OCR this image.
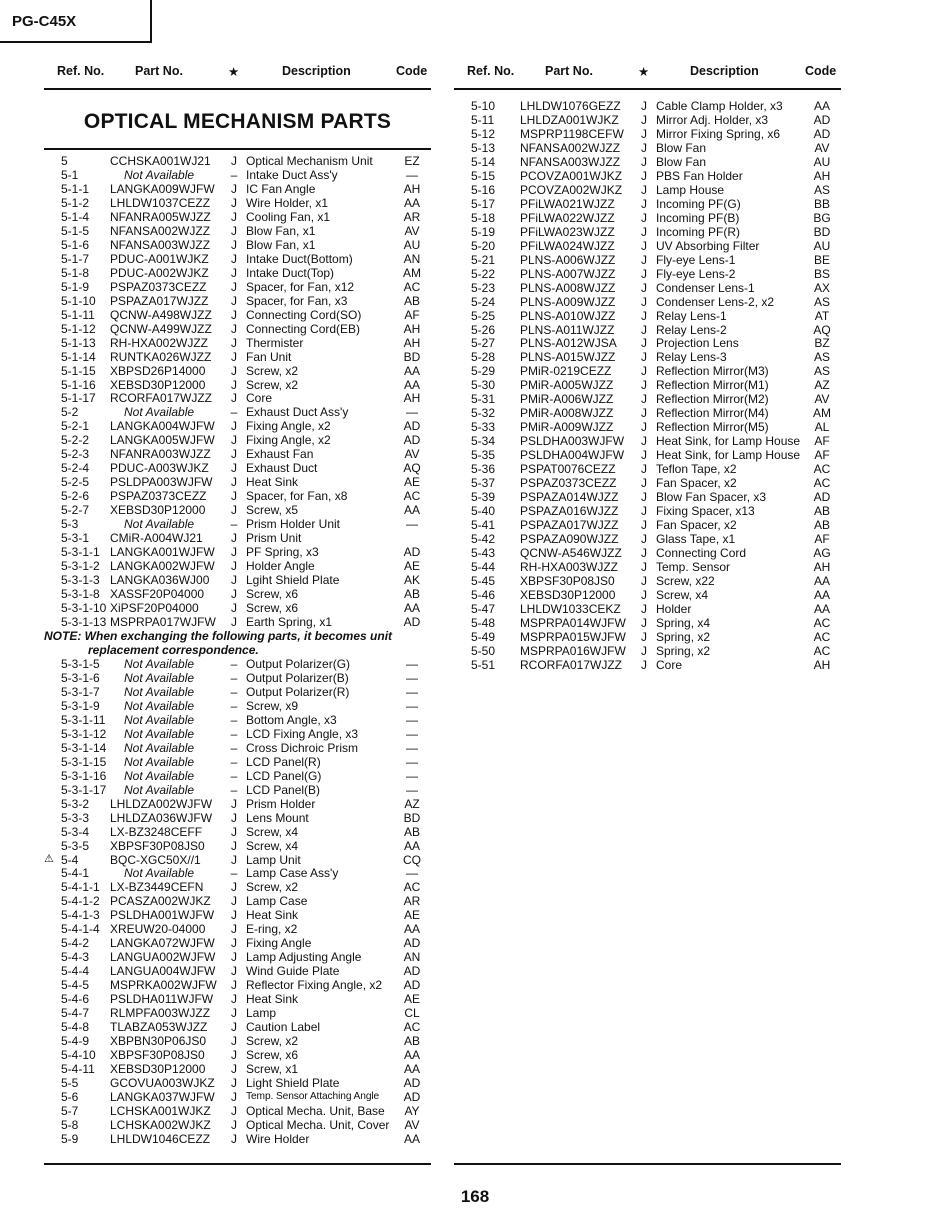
PG-C45X
Ref. No. Part No.	★	Description	Code	Ref. No. Part No.	★	Description	Code
OPTICAL MECHANISM PARTS
5	CCHSKA001WJ21 J Optical Mechanism Unit	EZ
5-1	Not Available	– Intake Duct Ass'y	—
5-1-1 LANGKA009WJFW J IC Fan Angle	AH
5-1-2 LHLDW1037CEZZ J Wire Holder, x1	AA
5-1-4 NFANRA005WJZZ J Cooling Fan, x1	AR
5-1-5 NFANSA002WJZZ J Blow Fan, x1	AV
5-1-6 NFANSA003WJZZ J Blow Fan, x1	AU
5-1-7 PDUC-A001WJKZ J Intake Duct(Bottom)	AN
5-1-8 PDUC-A002WJKZ J Intake Duct(Top)	AM
5-1-9 PSPAZ0373CEZZ J Spacer, for Fan, x12	AC
5-1-10 PSPAZA017WJZZ J Spacer, for Fan, x3	AB
5-1-11 QCNW-A498WJZZ J Connecting Cord(SO)	AF
5-1-12 QCNW-A499WJZZ J Connecting Cord(EB)	AH
5-1-13 RH-HXA002WJZZ J Thermister	AH
5-1-14 RUNTKA026WJZZ J Fan Unit	BD
5-1-15 XBPSD26P14000 J Screw, x2	AA
5-1-16 XEBSD30P12000 J Screw, x2	AA
5-1-17 RCORFA017WJZZ J Core	AH
5-2	Not Available	– Exhaust Duct Ass'y	—
5-2-1 LANGKA004WJFW J Fixing Angle, x2	AD
5-2-2 LANGKA005WJFW J Fixing Angle, x2	AD
5-2-3 NFANRA003WJZZ J Exhaust Fan	AV
5-2-4 PDUC-A003WJKZ J Exhaust Duct	AQ
5-2-5 PSLDPA003WJFW J Heat Sink	AE
5-2-6 PSPAZ0373CEZZ J Spacer, for Fan, x8	AC
5-2-7 XEBSD30P12000 J Screw, x5	AA
5-3	Not Available	– Prism Holder Unit	—
5-3-1 CMiR-A004WJ21 J Prism Unit
5-3-1-1 LANGKA001WJFW J PF Spring, x3	AD
5-3-1-2 LANGKA002WJFW J Holder Angle	AE
5-3-1-3 LANGKA036WJ00 J Lgiht Shield Plate	AK
5-3-1-8 XASSF20P04000 J Screw, x6	AB
5-3-1-10 XiPSF20P04000	J Screw, x6	AA
5-3-1-13 MSPRPA017WJFW J Earth Spring, x1	AD
NOTE: When exchanging the following parts, it becomes unit
replacement correspondence.
5-3-1-5 Not Available	– Output Polarizer(G)	—
5-3-1-6 Not Available	– Output Polarizer(B)	—
5-3-1-7 Not Available	– Output Polarizer(R)	—
5-3-1-9 Not Available	– Screw, x9	—
5-3-1-11 Not Available	– Bottom Angle, x3	—
5-3-1-12 Not Available	– LCD Fixing Angle, x3	—
5-3-1-14 Not Available	– Cross Dichroic Prism	—
5-3-1-15 Not Available	– LCD Panel(R)	—
5-3-1-16 Not Available	– LCD Panel(G)	—
5-3-1-17 Not Available	– LCD Panel(B)	—
5-3-2 LHLDZA002WJFW J Prism Holder	AZ
5-3-3 LHLDZA036WJFW J Lens Mount	BD
5-3-4 LX-BZ3248CEFF J Screw, x4	AB
5-3-5 XBPSF30P08JS0 J Screw, x4	AA
⚠ 5-4	BQC-XGC50X//1	J Lamp Unit	CQ
5-4-1	Not Available	– Lamp Case Ass'y	—
5-4-1-1 LX-BZ3449CEFN J Screw, x2	AC
5-4-1-2 PCASZA002WJKZ J Lamp Case	AR
5-4-1-3 PSLDHA001WJFW J Heat Sink	AE
5-4-1-4 XREUW20-04000 J E-ring, x2	AA
5-4-2 LANGKA072WJFW J Fixing Angle	AD
5-4-3 LANGUA002WJFW J Lamp Adjusting Angle	AN
5-4-4 LANGUA004WJFW J Wind Guide Plate	AD
5-4-5 MSPRKA002WJFW J Reflector Fixing Angle, x2	AD
5-4-6 PSLDHA011WJFW J Heat Sink	AE
5-4-7 RLMPFA003WJZZ J Lamp	CL
5-4-8 TLABZA053WJZZ J Caution Label	AC
5-4-9 XBPBN30P06JS0 J Screw, x2	AB
5-4-10 XBPSF30P08JS0 J Screw, x6	AA
5-4-11 XEBSD30P12000 J Screw, x1	AA
5-5	GCOVUA003WJKZ J Light Shield Plate	AD
5-6	LANGKA037WJFW J Temp. Sensor Attaching Angle	AD
5-7	LCHSKA001WJKZ J Optical Mecha. Unit, Base	AY
5-8	LCHSKA002WJKZ J Optical Mecha. Unit, Cover	AV
5-9	LHLDW1046CEZZ J Wire Holder	AA
5-10 LHLDW1076GEZZ J Cable Clamp Holder, x3	AA
5-11 LHLDZA001WJKZ J Mirror Adj. Holder, x3	AD
5-12 MSPRP1198CEFW J Mirror Fixing Spring, x6	AD
5-13 NFANSA002WJZZ J Blow Fan	AV
5-14 NFANSA003WJZZ J Blow Fan	AU
5-15 PCOVZA001WJKZ J PBS Fan Holder	AH
5-16 PCOVZA002WJKZ J Lamp House	AS
5-17 PFiLWA021WJZZ J Incoming PF(G)	BB
5-18 PFiLWA022WJZZ J Incoming PF(B)	BG
5-19 PFiLWA023WJZZ J Incoming PF(R)	BD
5-20 PFiLWA024WJZZ J UV Absorbing Filter	AU
5-21 PLNS-A006WJZZ J Fly-eye Lens-1	BE
5-22 PLNS-A007WJZZ J Fly-eye Lens-2	BS
5-23 PLNS-A008WJZZ J Condenser Lens-1	AX
5-24 PLNS-A009WJZZ J Condenser Lens-2, x2	AS
5-25 PLNS-A010WJZZ J Relay Lens-1	AT
5-26 PLNS-A011WJZZ J Relay Lens-2	AQ
5-27 PLNS-A012WJSA J Projection Lens	BZ
5-28 PLNS-A015WJZZ J Relay Lens-3	AS
5-29 PMiR-0219CEZZ J Reflection Mirror(M3)	AS
5-30 PMiR-A005WJZZ J Reflection Mirror(M1)	AZ
5-31 PMiR-A006WJZZ J Reflection Mirror(M2)	AV
5-32 PMiR-A008WJZZ J Reflection Mirror(M4)	AM
5-33 PMiR-A009WJZZ J Reflection Mirror(M5)	AL
5-34 PSLDHA003WJFW J Heat Sink, for Lamp House	AF
5-35 PSLDHA004WJFW J Heat Sink, for Lamp House	AF
5-36 PSPAT0076CEZZ J Teflon Tape, x2	AC
5-37 PSPAZ0373CEZZ J Fan Spacer, x2	AC
5-39 PSPAZA014WJZZ J Blow Fan Spacer, x3	AD
5-40 PSPAZA016WJZZ J Fixing Spacer, x13	AB
5-41 PSPAZA017WJZZ J Fan Spacer, x2	AB
5-42 PSPAZA090WJZZ J Glass Tape, x1	AF
5-43 QCNW-A546WJZZ J Connecting Cord	AG
5-44 RH-HXA003WJZZ J Temp. Sensor	AH
5-45 XBPSF30P08JS0 J Screw, x22	AA
5-46 XEBSD30P12000 J Screw, x4	AA
5-47 LHLDW1033CEKZ J Holder	AA
5-48 MSPRPA014WJFW J Spring, x4	AC
5-49 MSPRPA015WJFW J Spring, x2	AC
5-50 MSPRPA016WJFW J Spring, x2	AC
5-51 RCORFA017WJZZ J Core	AH
168
